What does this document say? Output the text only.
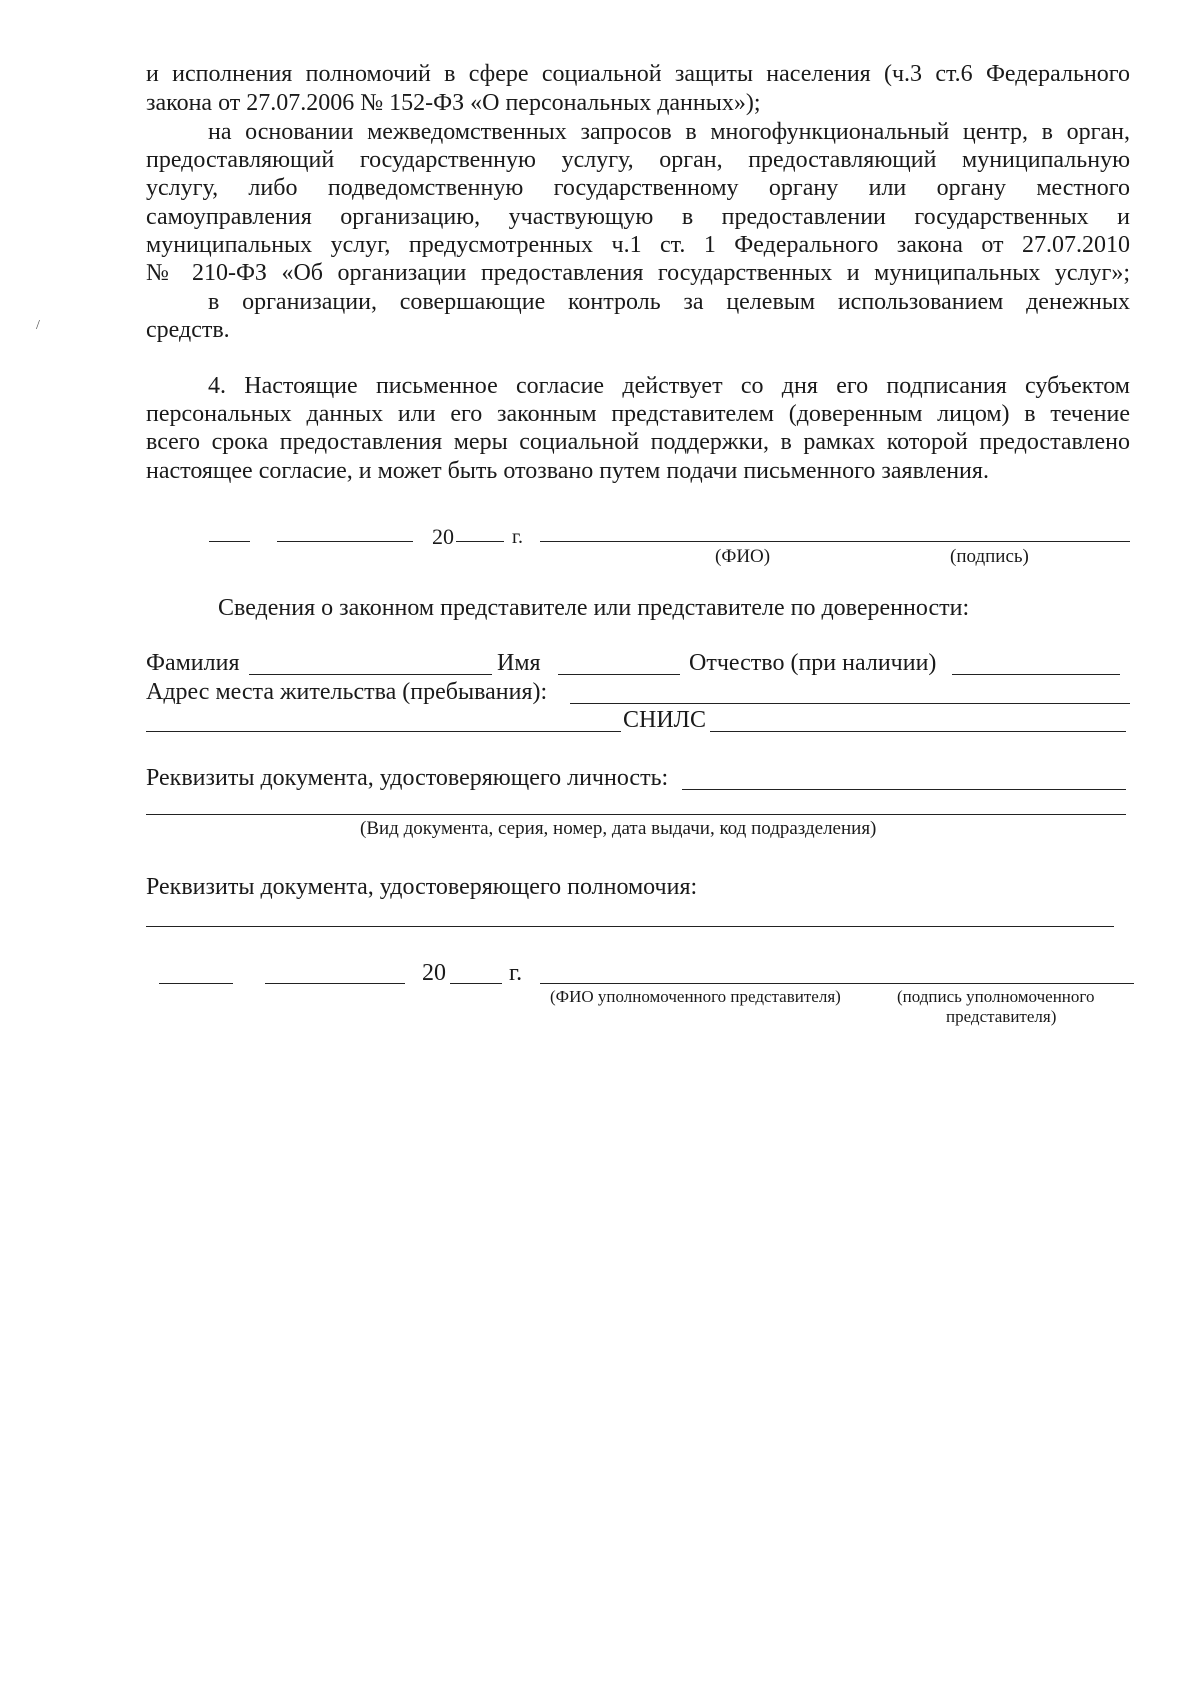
и исполнения полномочий в сфере социальной защиты населения (ч.3 ст.6 Федерального
закона от 27.07.2006 № 152-ФЗ «О персональных данных»);
на основании межведомственных запросов в многофункциональный центр, в орган,
предоставляющий государственную услугу, орган, предоставляющий муниципальную
услугу, либо подведомственную государственному органу или органу местного
самоуправления организацию, участвующую в предоставлении государственных и
муниципальных услуг, предусмотренных ч.1 ст. 1 Федерального закона от 27.07.2010
№ 210-ФЗ «Об организации предоставления государственных и муниципальных услуг»;
в организации, совершающие контроль за целевым использованием денежных
средств.
/
4. Настоящие письменное согласие действует со дня его подписания субъектом
персональных данных или его законным представителем (доверенным лицом) в течение
всего срока предоставления меры социальной поддержки, в рамках которой предоставлено
настоящее согласие, и может быть отозвано путем подачи письменного заявления.
20	г.
(ФИО)	(подпись)
Сведения о законном представителе или представителе по доверенности:
Фамилия	Имя	Отчество (при наличии)
Адрес места жительства (пребывания):
СНИЛС
Реквизиты документа, удостоверяющего личность:
(Вид документа, серия, номер, дата выдачи, код подразделения)
Реквизиты документа, удостоверяющего полномочия:
20	г.
(ФИО уполномоченного представителя)	(подпись уполномоченного
представителя)
